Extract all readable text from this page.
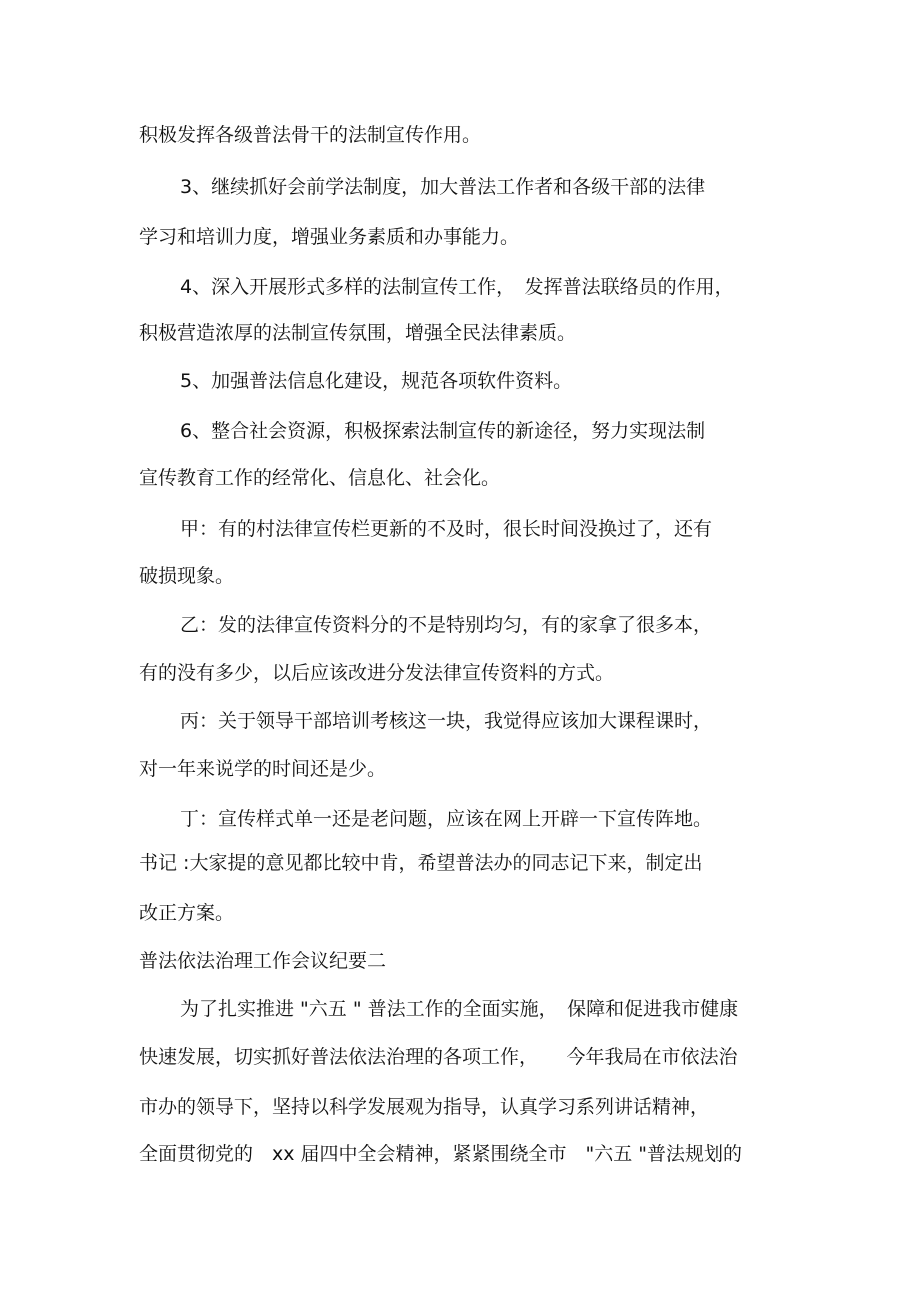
积极发挥各级普法骨干的法制宣传作用。
3、继续抓好会前学法制度，加大普法工作者和各级干部的法律
学习和培训力度，增强业务素质和办事能力。
4、深入开展形式多样的法制宣传工作，　发挥普法联络员的作用，
积极营造浓厚的法制宣传氛围，增强全民法律素质。
5、加强普法信息化建设，规范各项软件资料。
6、整合社会资源，积极探索法制宣传的新途径，努力实现法制
宣传教育工作的经常化、信息化、社会化。
甲：有的村法律宣传栏更新的不及时，很长时间没换过了，还有
破损现象。
乙：发的法律宣传资料分的不是特别均匀，有的家拿了很多本，
有的没有多少，以后应该改进分发法律宣传资料的方式。
丙：关于领导干部培训考核这一块，我觉得应该加大课程课时，
对一年来说学的时间还是少。
丁：宣传样式单一还是老问题，应该在网上开辟一下宣传阵地。
书记 :大家提的意见都比较中肯，希望普法办的同志记下来，制定出
改正方案。
普法依法治理工作会议纪要二
为了扎实推进 "六五 " 普法工作的全面实施，　保障和促进我市健康
快速发展，切实抓好普法依法治理的各项工作，　　今年我局在市依法治
市办的领导下，坚持以科学发展观为指导，认真学习系列讲话精神，
全面贯彻党的　xx 届四中全会精神，紧紧围绕全市　"六五 "普法规划的
